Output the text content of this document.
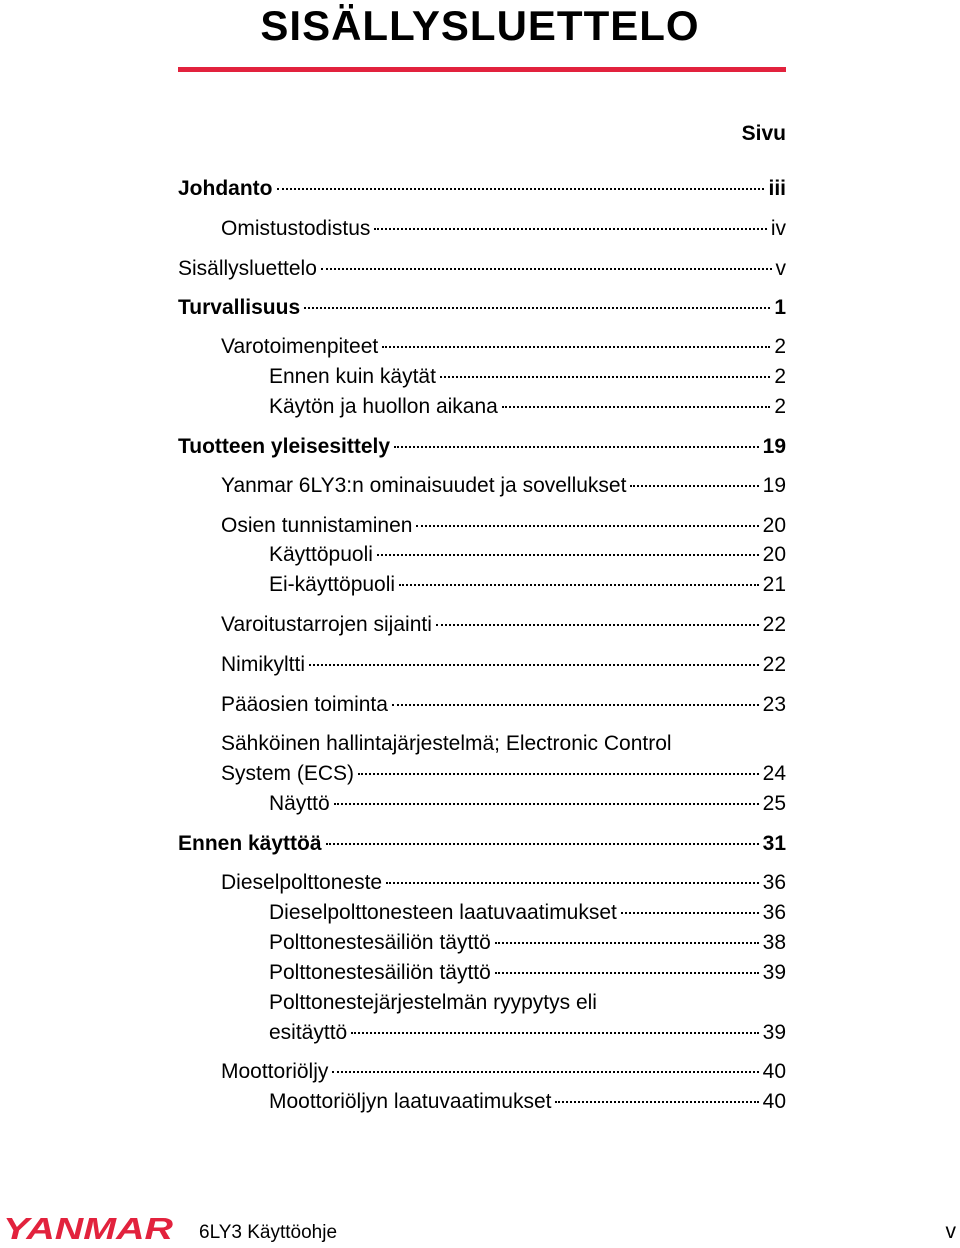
SISÄLLYSLUETTELO
Sivu
Johdanto	iii
Omistustodistus	iv
Sisällysluettelo	v
Turvallisuus	1
Varotoimenpiteet	2
Ennen kuin käytät	2
Käytön ja huollon aikana	2
Tuotteen yleisesittely	19
Yanmar 6LY3:n ominaisuudet ja sovellukset	19
Osien tunnistaminen	20
Käyttöpuoli	20
Ei-käyttöpuoli	21
Varoitustarrojen sijainti	22
Nimikyltti	22
Pääosien toiminta	23
Sähköinen hallintajärjestelmä; Electronic Control
System (ECS)	24
Näyttö	25
Ennen käyttöä	31
Dieselpolttoneste	36
Dieselpolttonesteen laatuvaatimukset	36
Polttonestesäiliön täyttö	38
Polttonestesäiliön täyttö	39
Polttonestejärjestelmän ryypytys eli
esitäyttö	39
Moottoriöljy	40
Moottoriöljyn laatuvaatimukset	40
YANMAR 6LY3 Käyttöohje	v
